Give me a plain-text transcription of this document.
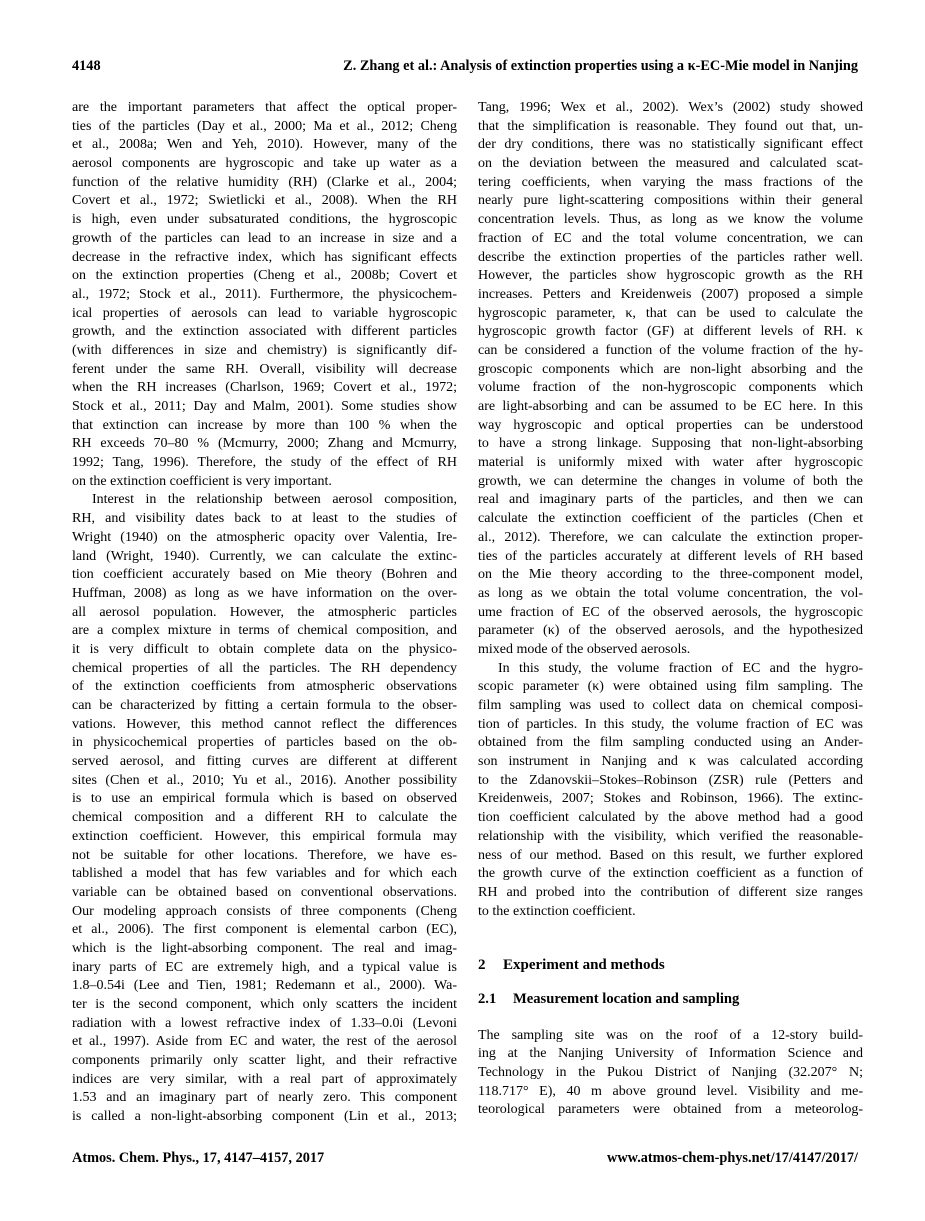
4148	Z. Zhang et al.: Analysis of extinction properties using a κ-EC-Mie model in Nanjing
are the important parameters that affect the optical proper-
ties of the particles (Day et al., 2000; Ma et al., 2012; Cheng
et al., 2008a; Wen and Yeh, 2010). However, many of the
aerosol components are hygroscopic and take up water as a
function of the relative humidity (RH) (Clarke et al., 2004;
Covert et al., 1972; Swietlicki et al., 2008). When the RH
is high, even under subsaturated conditions, the hygroscopic
growth of the particles can lead to an increase in size and a
decrease in the refractive index, which has significant effects
on the extinction properties (Cheng et al., 2008b; Covert et
al., 1972; Stock et al., 2011). Furthermore, the physicochem-
ical properties of aerosols can lead to variable hygroscopic
growth, and the extinction associated with different particles
(with differences in size and chemistry) is significantly dif-
ferent under the same RH. Overall, visibility will decrease
when the RH increases (Charlson, 1969; Covert et al., 1972;
Stock et al., 2011; Day and Malm, 2001). Some studies show
that extinction can increase by more than 100 % when the
RH exceeds 70–80 % (Mcmurry, 2000; Zhang and Mcmurry,
1992; Tang, 1996). Therefore, the study of the effect of RH
on the extinction coefficient is very important.
Interest in the relationship between aerosol composition,
RH, and visibility dates back to at least to the studies of
Wright (1940) on the atmospheric opacity over Valentia, Ire-
land (Wright, 1940). Currently, we can calculate the extinc-
tion coefficient accurately based on Mie theory (Bohren and
Huffman, 2008) as long as we have information on the over-
all aerosol population. However, the atmospheric particles
are a complex mixture in terms of chemical composition, and
it is very difficult to obtain complete data on the physico-
chemical properties of all the particles. The RH dependency
of the extinction coefficients from atmospheric observations
can be characterized by fitting a certain formula to the obser-
vations. However, this method cannot reflect the differences
in physicochemical properties of particles based on the ob-
served aerosol, and fitting curves are different at different
sites (Chen et al., 2010; Yu et al., 2016). Another possibility
is to use an empirical formula which is based on observed
chemical composition and a different RH to calculate the
extinction coefficient. However, this empirical formula may
not be suitable for other locations. Therefore, we have es-
tablished a model that has few variables and for which each
variable can be obtained based on conventional observations.
Our modeling approach consists of three components (Cheng
et al., 2006). The first component is elemental carbon (EC),
which is the light-absorbing component. The real and imag-
inary parts of EC are extremely high, and a typical value is
1.8–0.54i (Lee and Tien, 1981; Redemann et al., 2000). Wa-
ter is the second component, which only scatters the incident
radiation with a lowest refractive index of 1.33–0.0i (Levoni
et al., 1997). Aside from EC and water, the rest of the aerosol
components primarily only scatter light, and their refractive
indices are very similar, with a real part of approximately
1.53 and an imaginary part of nearly zero. This component
is called a non-light-absorbing component (Lin et al., 2013;
Tang, 1996; Wex et al., 2002). Wex’s (2002) study showed
that the simplification is reasonable. They found out that, un-
der dry conditions, there was no statistically significant effect
on the deviation between the measured and calculated scat-
tering coefficients, when varying the mass fractions of the
nearly pure light-scattering compositions within their general
concentration levels. Thus, as long as we know the volume
fraction of EC and the total volume concentration, we can
describe the extinction properties of the particles rather well.
However, the particles show hygroscopic growth as the RH
increases. Petters and Kreidenweis (2007) proposed a simple
hygroscopic parameter, κ, that can be used to calculate the
hygroscopic growth factor (GF) at different levels of RH. κ
can be considered a function of the volume fraction of the hy-
groscopic components which are non-light absorbing and the
volume fraction of the non-hygroscopic components which
are light-absorbing and can be assumed to be EC here. In this
way hygroscopic and optical properties can be understood
to have a strong linkage. Supposing that non-light-absorbing
material is uniformly mixed with water after hygroscopic
growth, we can determine the changes in volume of both the
real and imaginary parts of the particles, and then we can
calculate the extinction coefficient of the particles (Chen et
al., 2012). Therefore, we can calculate the extinction proper-
ties of the particles accurately at different levels of RH based
on the Mie theory according to the three-component model,
as long as we obtain the total volume concentration, the vol-
ume fraction of EC of the observed aerosols, the hygroscopic
parameter (κ) of the observed aerosols, and the hypothesized
mixed mode of the observed aerosols.
In this study, the volume fraction of EC and the hygro-
scopic parameter (κ) were obtained using film sampling. The
film sampling was used to collect data on chemical composi-
tion of particles. In this study, the volume fraction of EC was
obtained from the film sampling conducted using an Ander-
son instrument in Nanjing and κ was calculated according
to the Zdanovskii–Stokes–Robinson (ZSR) rule (Petters and
Kreidenweis, 2007; Stokes and Robinson, 1966). The extinc-
tion coefficient calculated by the above method had a good
relationship with the visibility, which verified the reasonable-
ness of our method. Based on this result, we further explored
the growth curve of the extinction coefficient as a function of
RH and probed into the contribution of different size ranges
to the extinction coefficient.
2 Experiment and methods
2.1 Measurement location and sampling
The sampling site was on the roof of a 12-story build-
ing at the Nanjing University of Information Science and
Technology in the Pukou District of Nanjing (32.207° N;
118.717° E), 40 m above ground level. Visibility and me-
teorological parameters were obtained from a meteorolog-
Atmos. Chem. Phys., 17, 4147–4157, 2017	www.atmos-chem-phys.net/17/4147/2017/
